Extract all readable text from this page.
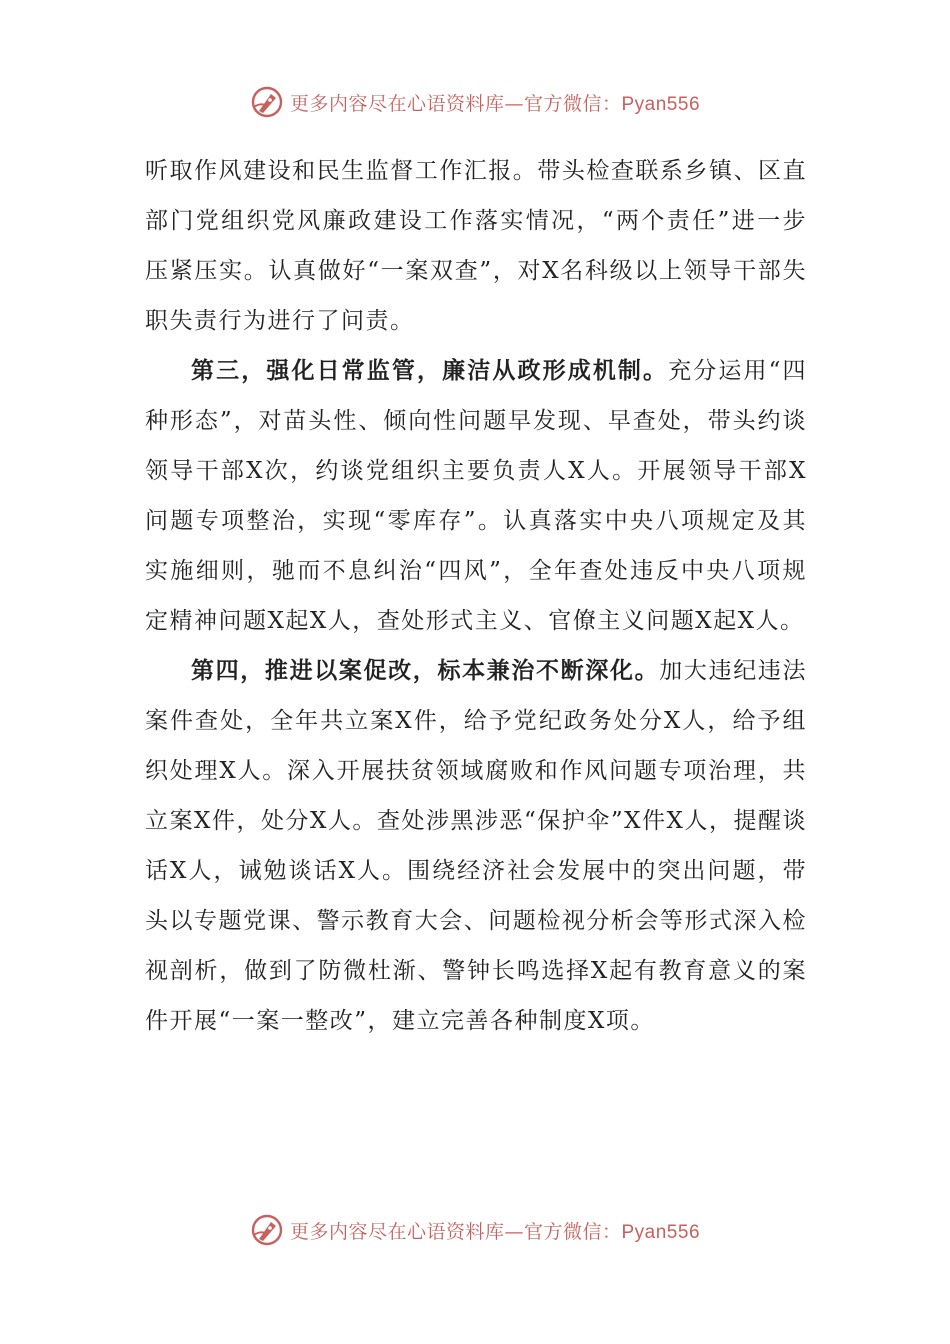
更多内容尽在心语资料库—官方微信：Pyan556

听取作风建设和民生监督工作汇报。带头检查联系乡镇、区直部门党组织党风廉政建设工作落实情况，“两个责任”进一步压紧压实。认真做好“一案双查”，对X名科级以上领导干部失职失责行为进行了问责。

第三，强化日常监管，廉洁从政形成机制。充分运用“四种形态”，对苗头性、倾向性问题早发现、早查处，带头约谈领导干部X次，约谈党组织主要负责人X人。开展领导干部X问题专项整治，实现“零库存”。认真落实中央八项规定及其实施细则，驰而不息纠治“四风”，全年查处违反中央八项规定精神问题X起X人，查处形式主义、官僚主义问题X起X人。

第四，推进以案促改，标本兼治不断深化。加大违纪违法案件查处，全年共立案X件，给予党纪政务处分X人，给予组织处理X人。深入开展扶贫领域腐败和作风问题专项治理，共立案X件，处分X人。查处涉黑涉恶“保护伞”X件X人，提醒谈话X人，诫勉谈话X人。围绕经济社会发展中的突出问题，带头以专题党课、警示教育大会、问题检视分析会等形式深入检视剖析，做到了防微杜渐、警钟长鸣选择X起有教育意义的案件开展“一案一整改”，建立完善各种制度X项。

更多内容尽在心语资料库—官方微信：Pyan556
